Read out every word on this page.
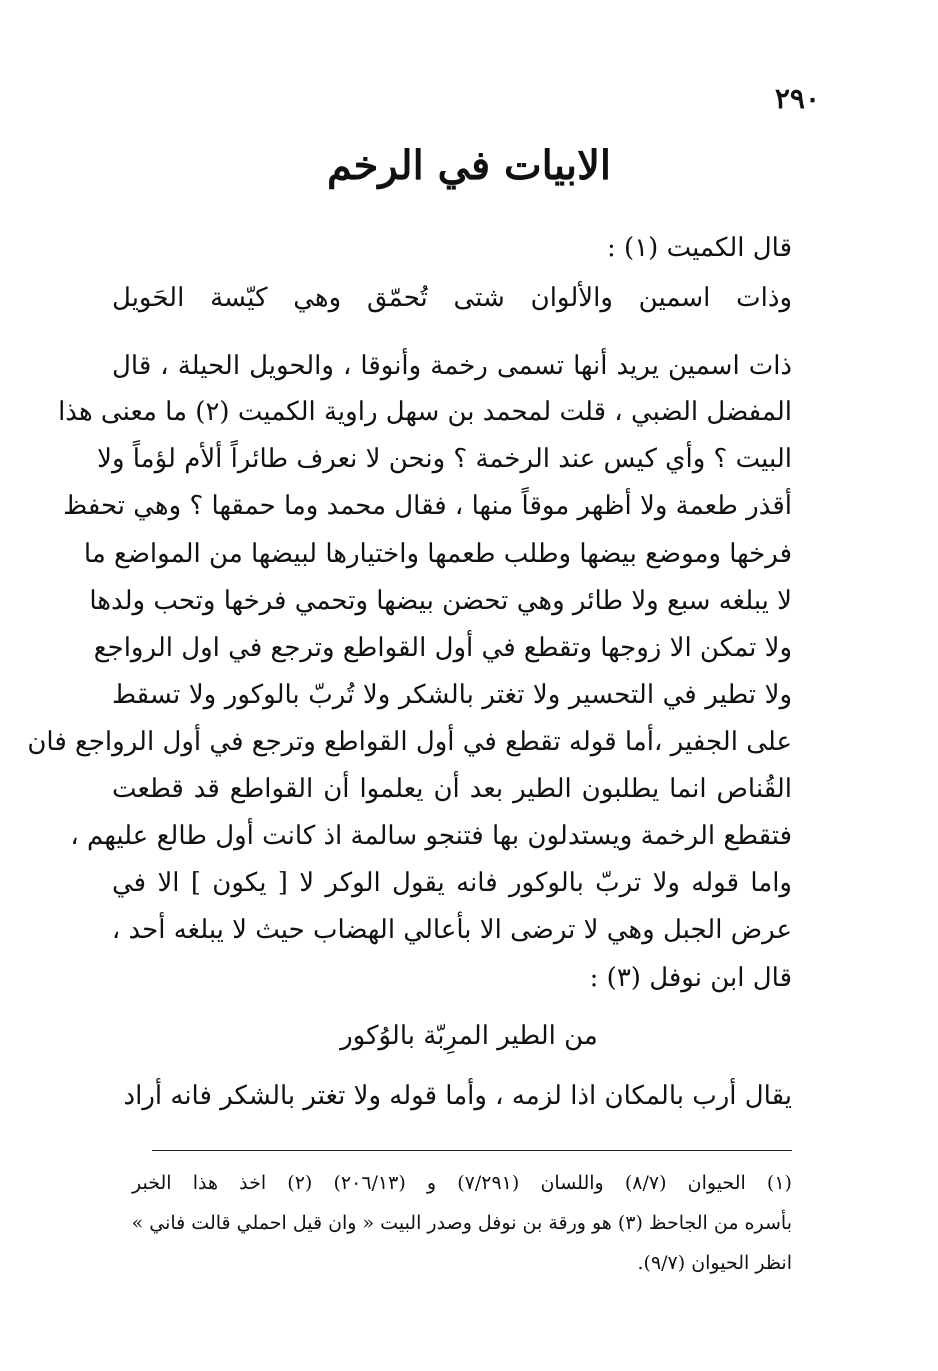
٢٩٠
الابيات في الرخم
قال الكميت (١) :
وذات اسمين والألوان شتى تُحمّق وهي كيّسة الحَويل
ذات اسمين يريد أنها تسمى رخمة وأنوقا ، والحويل الحيلة ، قال
المفضل الضبي ، قلت لمحمد بن سهل راوية الكميت (٢) ما معنى هذا
البيت ؟ وأي كيس عند الرخمة ؟ ونحن لا نعرف طائراً ألأم لؤماً ولا
أقذر طعمة ولا أظهر موقاً منها ، فقال محمد وما حمقها ؟ وهي تحفظ
فرخها وموضع بيضها وطلب طعمها واختيارها لبيضها من المواضع ما
لا يبلغه سبع ولا طائر وهي تحضن بيضها وتحمي فرخها وتحب ولدها
ولا تمكن الا زوجها وتقطع في أول القواطع وترجع في اول الرواجع
ولا تطير في التحسير ولا تغتر بالشكر ولا تُربّ بالوكور ولا تسقط
على الجفير ،أما قوله تقطع في أول القواطع وترجع في أول الرواجع فان
القُناص انما يطلبون الطير بعد أن يعلموا أن القواطع قد قطعت
فتقطع الرخمة ويستدلون بها فتنجو سالمة اذ كانت أول طالع عليهم ،
واما قوله ولا تربّ بالوكور فانه يقول الوكر لا [ يكون ] الا في
عرض الجبل وهي لا ترضى الا بأعالي الهضاب حيث لا يبلغه أحد ،
قال ابن نوفل (٣) :
من الطير المرِبّة بالوُكور
يقال أرب بالمكان اذا لزمه ، وأما قوله ولا تغتر بالشكر فانه أراد
(١) الحيوان (٨/٧) واللسان (٧/٢٩١) و (٢٠٦/١٣) (٢) اخذ هذا الخبر
بأسره من الجاحظ (٣) هو ورقة بن نوفل وصدر البيت « وان قيل احملي قالت فاني »
انظر الحيوان (٩/٧).
